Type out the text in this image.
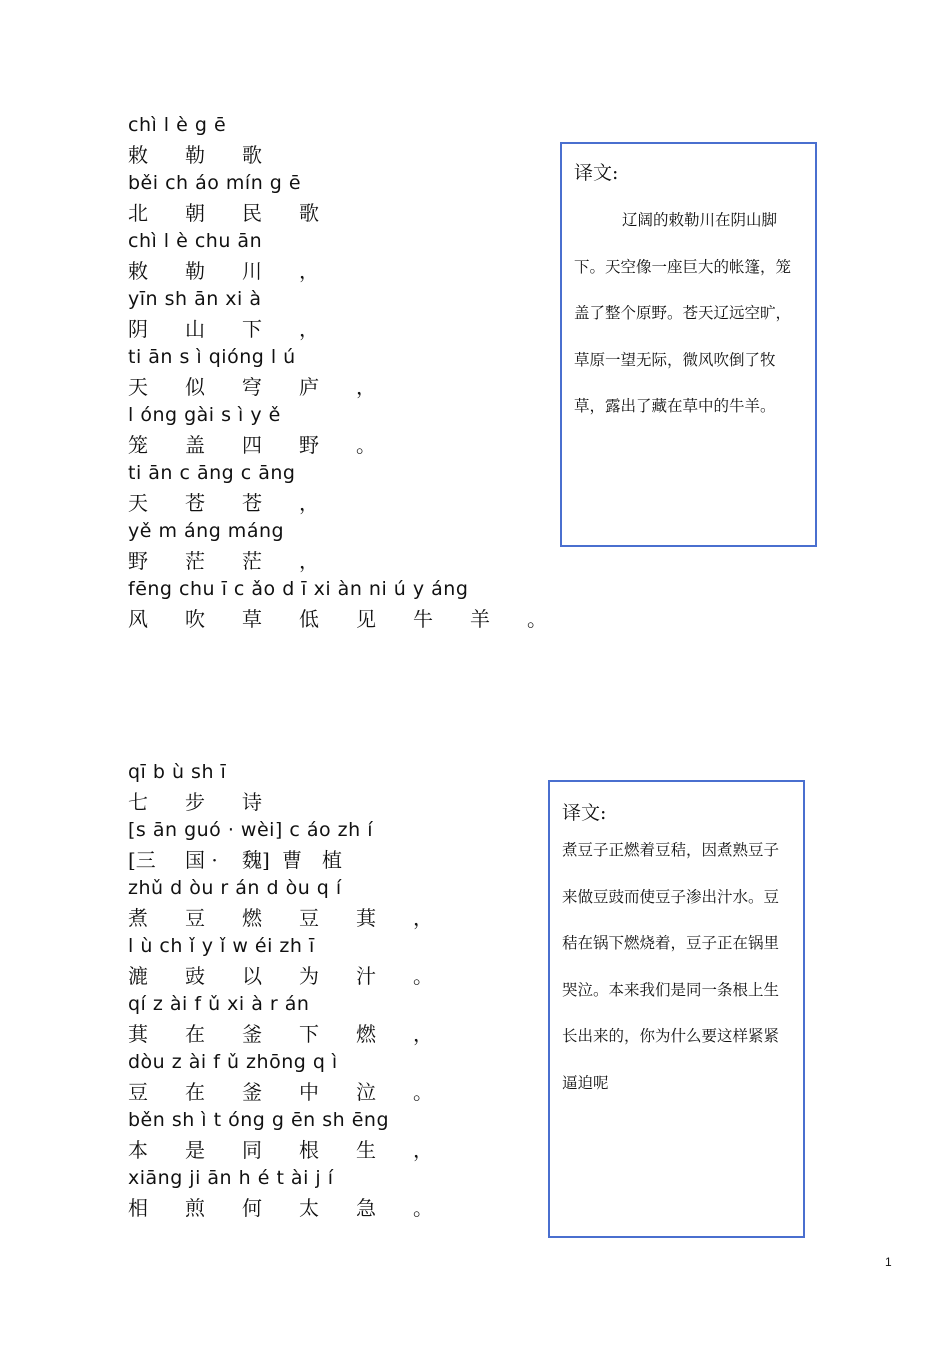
chì l è g ē
敕	勒	歌
běi ch áo mín g ē
北	朝	民	歌
chì l è chu ān
敕	勒	川	，
yīn sh ān xi à
阴	山	下	，
ti ān s ì qióng l ú
天	似	穹	庐	，
l óng gài s ì y ě
笼	盖	四	野	。
ti ān c āng c āng
天	苍	苍	，
yě m áng máng
野	茫	茫	，
fēng chu ī c ǎo d ī xi àn ni ú y áng
风	吹	草	低	见	牛	羊	。
译文:

辽阔的敕勒川在阴山脚下。天空像一座巨大的帐篷，笼盖了整个原野。苍天辽远空旷，草原一望无际，微风吹倒了牧草，露出了藏在草中的牛羊。

qī b ù sh ī
七	步	诗
[s ān guó · wèi] c áo zh í
[三	国 ·	魏] 曹	植
zhǔ d òu r án d òu q í
煮	豆	燃	豆	萁	，
l ù ch ǐ y ǐ w éi zh ī
漉	豉	以	为	汁	。
qí z ài f ǔ xi à r án
萁	在	釜	下	燃	，
dòu z ài f ǔ zhōng q ì
豆	在	釜	中	泣	。
běn sh ì t óng g ēn sh ēng
本	是	同	根	生	，
xiāng ji ān h é t ài j í
相	煎	何	太	急	。
译文:

煮豆子正燃着豆秸，因煮熟豆子来做豆豉而使豆子渗出汁水。豆秸在锅下燃烧着，豆子正在锅里哭泣。本来我们是同一条根上生长出来的，你为什么要这样紧紧逼迫呢

1
